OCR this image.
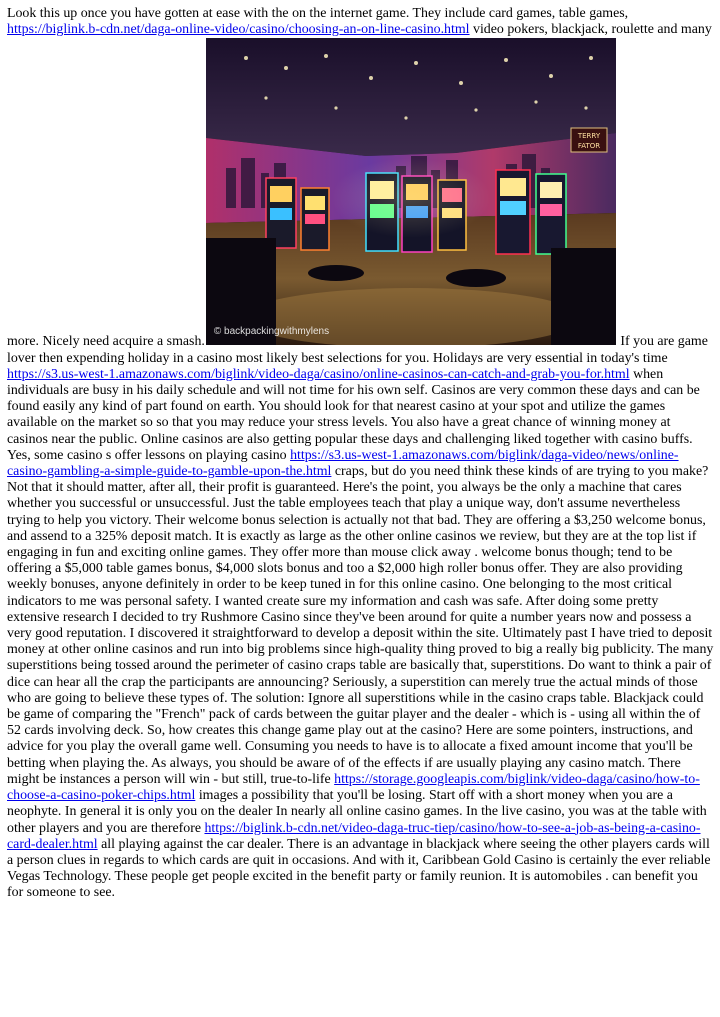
Look this up once you have gotten at ease with the on the internet game. They include card games, table games, https://biglink.b-cdn.net/daga-online-video/casino/choosing-an-on-line-casino.html video pokers, blackjack, roulette and many more. Nicely need acquire a smash.
TERRY
FATOR
© backpackingwithmylens
If you are game lover then expending holiday in a casino most likely best selections for you. Holidays are very essential in today's time https://s3.us-west-1.amazonaws.com/biglink/video-daga/casino/online-casinos-can-catch-and-grab-you-for.html when individuals are busy in his daily schedule and will not time for his own self. Casinos are very common these days and can be found easily any kind of part found on earth. You should look for that nearest casino at your spot and utilize the games available on the market so so that you may reduce your stress levels. You also have a great chance of winning money at casinos near the public. Online casinos are also getting popular these days and challenging liked together with casino buffs. Yes, some casino s offer lessons on playing casino https://s3.us-west-1.amazonaws.com/biglink/daga-video/news/online-casino-gambling-a-simple-guide-to-gamble-upon-the.html craps, but do you need think these kinds of are trying to you make? Not that it should matter, after all, their profit is guaranteed. Here's the point, you always be the only a machine that cares whether you successful or unsuccessful. Just the table employees teach that play a unique way, don't assume nevertheless trying to help you victory. Their welcome bonus selection is actually not that bad. They are offering a $3,250 welcome bonus, and assend to a 325% deposit match. It is exactly as large as the other online casinos we review, but they are at the top list if engaging in fun and exciting online games. They offer more than mouse click away . welcome bonus though; tend to be offering a $5,000 table games bonus, $4,000 slots bonus and too a $2,000 high roller bonus offer. They are also providing weekly bonuses, anyone definitely in order to be keep tuned in for this online casino. One belonging to the most critical indicators to me was personal safety. I wanted create sure my information and cash was safe. After doing some pretty extensive research I decided to try Rushmore Casino since they've been around for quite a number years now and possess a very good reputation. I discovered it straightforward to develop a deposit within the site. Ultimately past I have tried to deposit money at other online casinos and run into big problems since high-quality thing proved to big a really big publicity. The many superstitions being tossed around the perimeter of casino craps table are basically that, superstitions. Do want to think a pair of dice can hear all the crap the participants are announcing? Seriously, a superstition can merely true the actual minds of those who are going to believe these types of. The solution: Ignore all superstitions while in the casino craps table. Blackjack could be game of comparing the "French" pack of cards between the guitar player and the dealer - which is - using all within the of 52 cards involving deck. So, how creates this change game play out at the casino? Here are some pointers, instructions, and advice for you play the overall game well. Consuming you needs to have is to allocate a fixed amount income that you'll be betting when playing the. As always, you should be aware of of the effects if are usually playing any casino match. There might be instances a person will win - but still, true-to-life https://storage.googleapis.com/biglink/video-daga/casino/how-to-choose-a-casino-poker-chips.html images a possibility that you'll be losing. Start off with a short money when you are a neophyte. In general it is only you on the dealer In nearly all online casino games. In the live casino, you was at the table with other players and you are therefore https://biglink.b-cdn.net/video-daga-truc-tiep/casino/how-to-see-a-job-as-being-a-casino-card-dealer.html all playing against the car dealer. There is an advantage in blackjack where seeing the other players cards will a person clues in regards to which cards are quit in occasions. And with it, Caribbean Gold Casino is certainly the ever reliable Vegas Technology. These people get people excited in the benefit party or family reunion. It is automobiles . can benefit you for someone to see.
